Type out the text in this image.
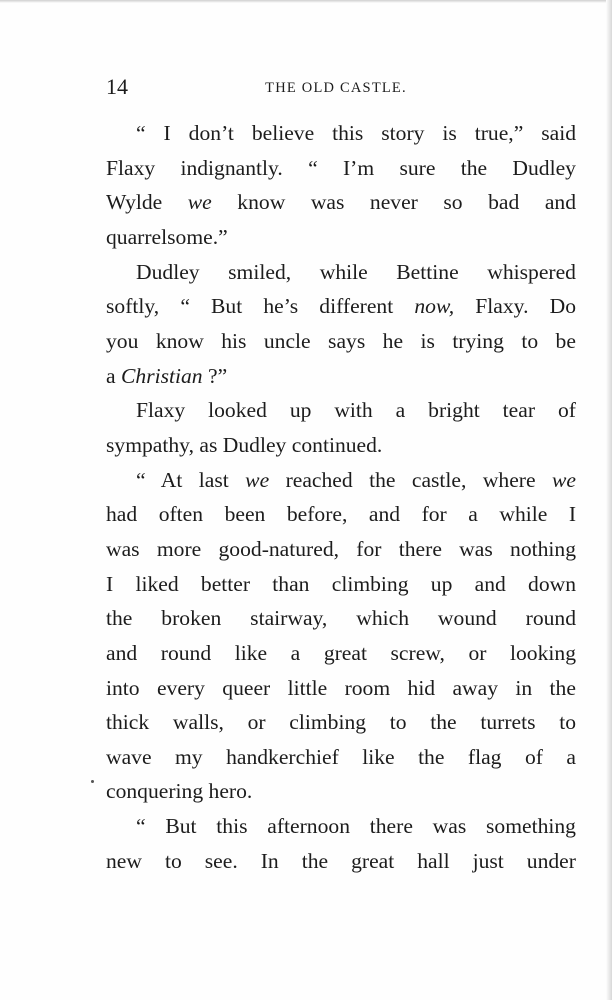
14	THE OLD CASTLE.
“ I don’t believe this story is true,” said
Flaxy indignantly. “ I’m sure the Dudley
Wylde we know was never so bad and
quarrelsome.”
Dudley smiled, while Bettine whispered
softly, “ But he’s different now, Flaxy. Do
you know his uncle says he is trying to be
a Christian ?”
Flaxy looked up with a bright tear of
sympathy, as Dudley continued.
“ At last we reached the castle, where we
had often been before, and for a while I
was more good-natured, for there was nothing
I liked better than climbing up and down
the broken stairway, which wound round
and round like a great screw, or looking
into every queer little room hid away in the
thick walls, or climbing to the turrets to
wave my handkerchief like the flag of a
conquering hero.
“ But this afternoon there was something
new to see. In the great hall just under
